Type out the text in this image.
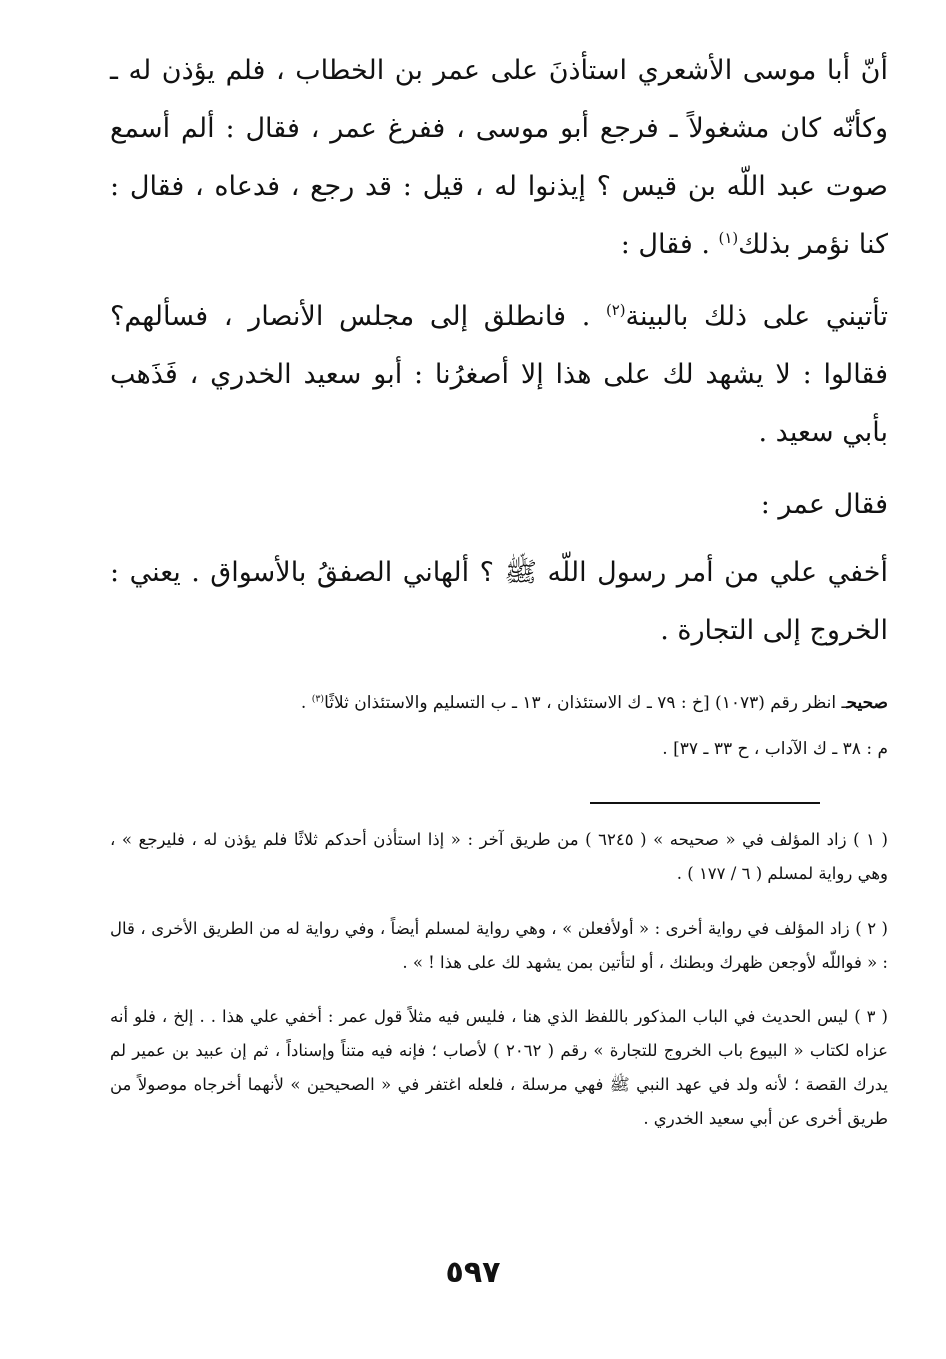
أنّ أبا موسى الأشعري استأذنَ على عمر بن الخطاب ، فلم يؤذن له ـ وكأنّه كان مشغولاً ـ فرجع أبو موسى ، ففرغ عمر ، فقال : ألم أسمع صوت عبد اللّه بن قيس ؟ إيذنوا له ، قيل : قد رجع ، فدعاه ، فقال : كنا نؤمر بذلك$^{(١)}$ . فقال :

تأتيني على ذلك بالبينة$^{(٢)}$ . فانطلق إلى مجلس الأنصار ، فسألهم؟ فقالوا : لا يشهد لك على هذا إلا أصغرُنا : أبو سعيد الخدري ، فَذَهب بأبي سعيد .

فقال عمر :

أخفي علي من أمر رسول اللّه ﷺ ؟ ألهاني الصفقُ بالأسواق . يعني : الخروج إلى التجارة .

صحيحـ انظر رقم (١٠٧٣) [خ : ٧٩ ـ ك الاستئذان ، ١٣ ـ ب التسليم والاستئذان ثلاثًا$^{(٣)}$ .
م : ٣٨ ـ ك الآداب ، ح ٣٣ ـ ٣٧] .

( ١ ) زاد المؤلف في « صحيحه » ( ٦٢٤٥ ) من طريق آخر : « إذا استأذن أحدكم ثلاثًا فلم يؤذن له ، فليرجع » ، وهي رواية لمسلم ( ٦ / ١٧٧ ) .

( ٢ ) زاد المؤلف في رواية أخرى : « أولأفعلن » ، وهي رواية لمسلم أيضاً ، وفي رواية له من الطريق الأخرى ، قال : « فواللّه لأوجعن ظهرك وبطنك ، أو لتأتين بمن يشهد لك على هذا ! » .

( ٣ ) ليس الحديث في الباب المذكور باللفظ الذي هنا ، فليس فيه مثلاً قول عمر : أخفي علي هذا . . إلخ ، فلو أنه عزاه لكتاب « البيوع باب الخروج للتجارة » رقم ( ٢٠٦٢ ) لأصاب ؛ فإنه فيه متناً وإسناداً ، ثم إن عبيد بن عمير لم يدرك القصة ؛ لأنه ولد في عهد النبي ﷺ فهي مرسلة ، فلعله اغتفر في « الصحيحين » لأنهما أخرجاه موصولاً من طريق أخرى عن أبي سعيد الخدري .

٥٩٧
